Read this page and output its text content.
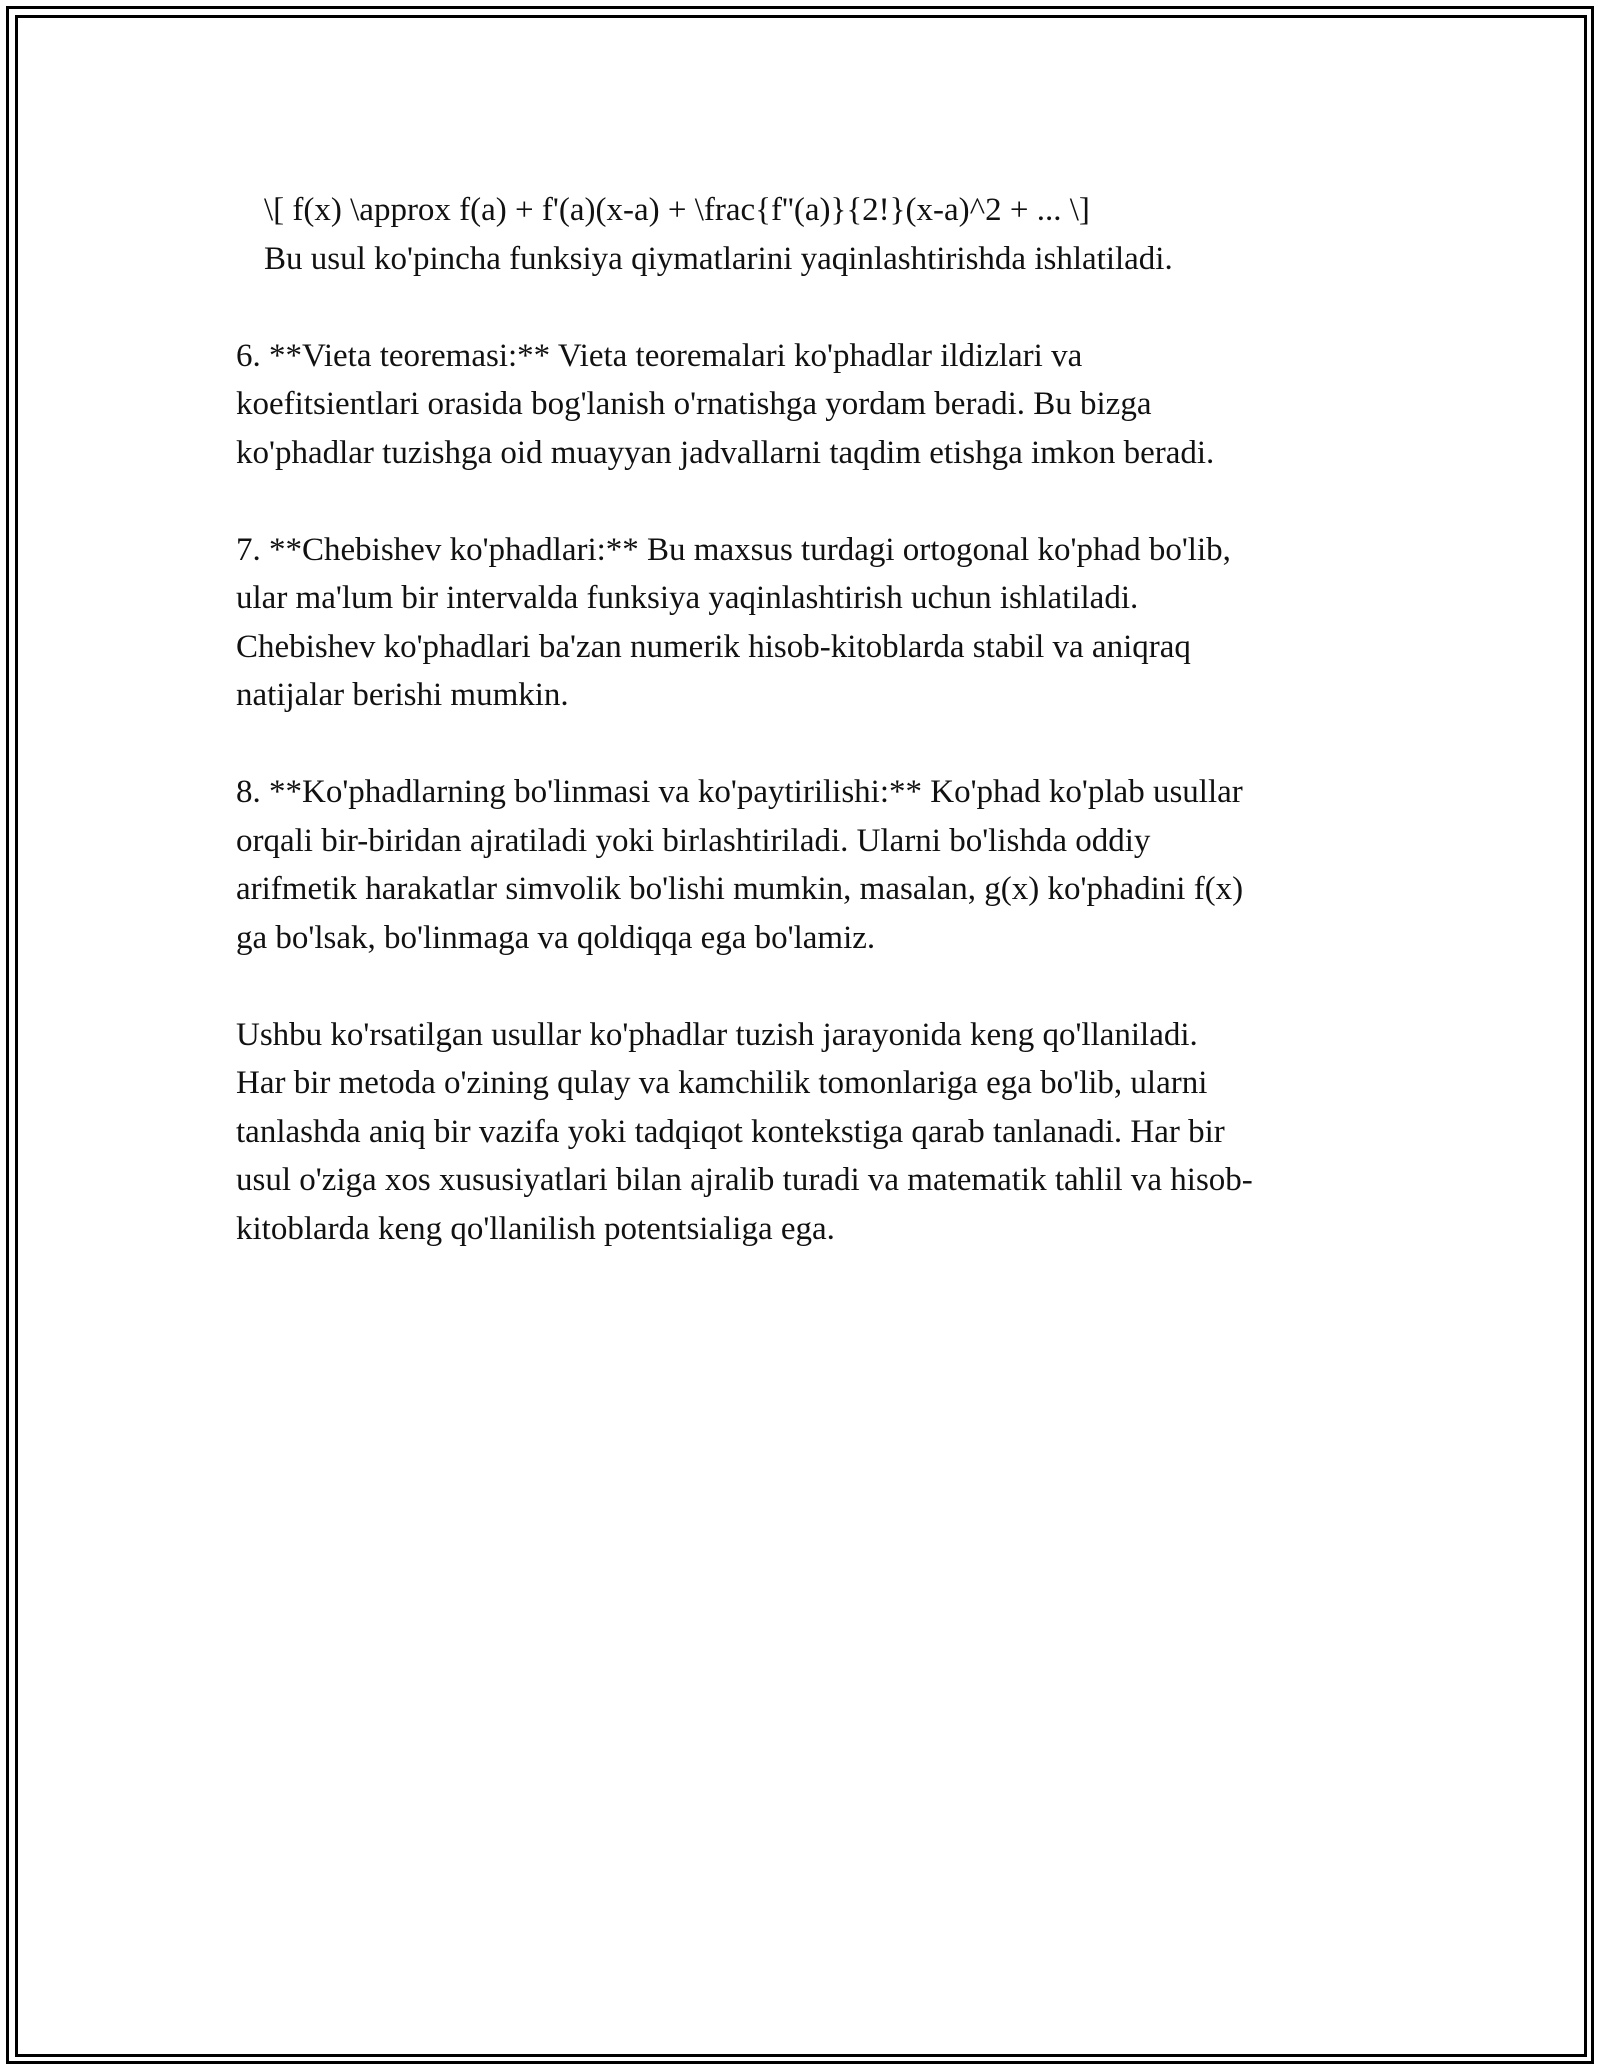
\[ f(x) \approx f(a) + f'(a)(x-a) + \frac{f''(a)}{2!}(x-a)^2 + ... \]
Bu usul ko'pincha funksiya qiymatlarini yaqinlashtirishda ishlatiladi.
6. **Vieta teoremasi:** Vieta teoremalari ko'phadlar ildizlari va
koefitsientlari orasida bog'lanish o'rnatishga yordam beradi. Bu bizga
ko'phadlar tuzishga oid muayyan jadvallarni taqdim etishga imkon beradi.
7. **Chebishev ko'phadlari:** Bu maxsus turdagi ortogonal ko'phad bo'lib,
ular ma'lum bir intervalda funksiya yaqinlashtirish uchun ishlatiladi.
Chebishev ko'phadlari ba'zan numerik hisob-kitoblarda stabil va aniqraq
natijalar berishi mumkin.
8. **Ko'phadlarning bo'linmasi va ko'paytirilishi:** Ko'phad ko'plab usullar
orqali bir-biridan ajratiladi yoki birlashtiriladi. Ularni bo'lishda oddiy
arifmetik harakatlar simvolik bo'lishi mumkin, masalan, g(x) ko'phadini f(x)
ga bo'lsak, bo'linmaga va qoldiqqa ega bo'lamiz.
Ushbu ko'rsatilgan usullar ko'phadlar tuzish jarayonida keng qo'llaniladi.
Har bir metoda o'zining qulay va kamchilik tomonlariga ega bo'lib, ularni
tanlashda aniq bir vazifa yoki tadqiqot kontekstiga qarab tanlanadi. Har bir
usul o'ziga xos xususiyatlari bilan ajralib turadi va matematik tahlil va hisob-
kitoblarda keng qo'llanilish potentsialiga ega.
